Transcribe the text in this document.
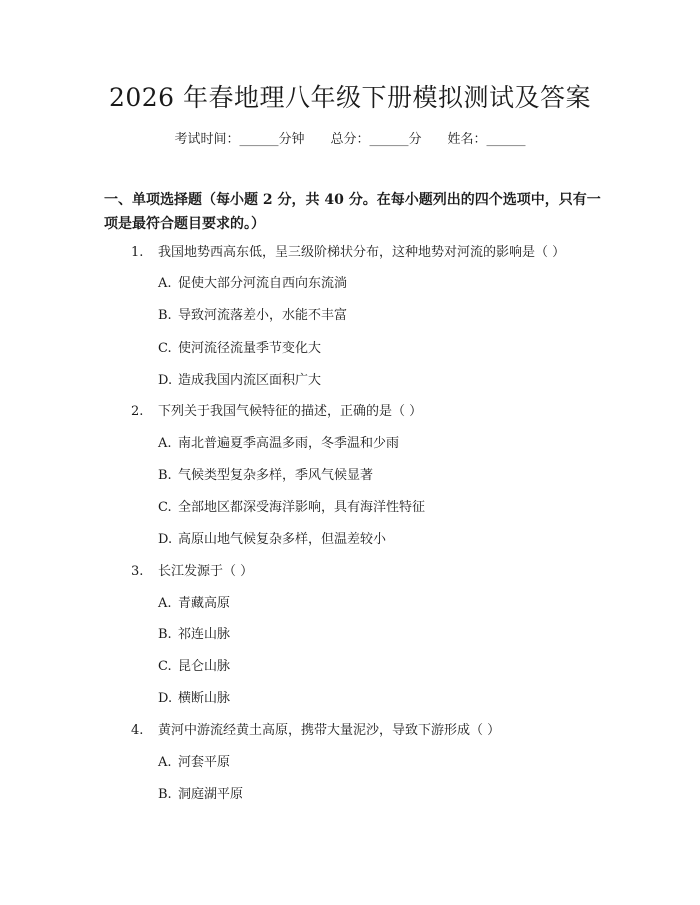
2026 年春地理八年级下册模拟测试及答案
考试时间：______分钟 总分：______分 姓名：______
一、单项选择题（每小题 2 分，共 40 分。在每小题列出的四个选项中，只有一项是最符合题目要求的。）
1. 我国地势西高东低，呈三级阶梯状分布，这种地势对河流的影响是（ ）
A. 促使大部分河流自西向东流淌
B. 导致河流落差小，水能不丰富
C. 使河流径流量季节变化大
D. 造成我国内流区面积广大
2. 下列关于我国气候特征的描述，正确的是（ ）
A. 南北普遍夏季高温多雨，冬季温和少雨
B. 气候类型复杂多样，季风气候显著
C. 全部地区都深受海洋影响，具有海洋性特征
D. 高原山地气候复杂多样，但温差较小
3. 长江发源于（ ）
A. 青藏高原
B. 祁连山脉
C. 昆仑山脉
D. 横断山脉
4. 黄河中游流经黄土高原，携带大量泥沙，导致下游形成（ ）
A. 河套平原
B. 洞庭湖平原
